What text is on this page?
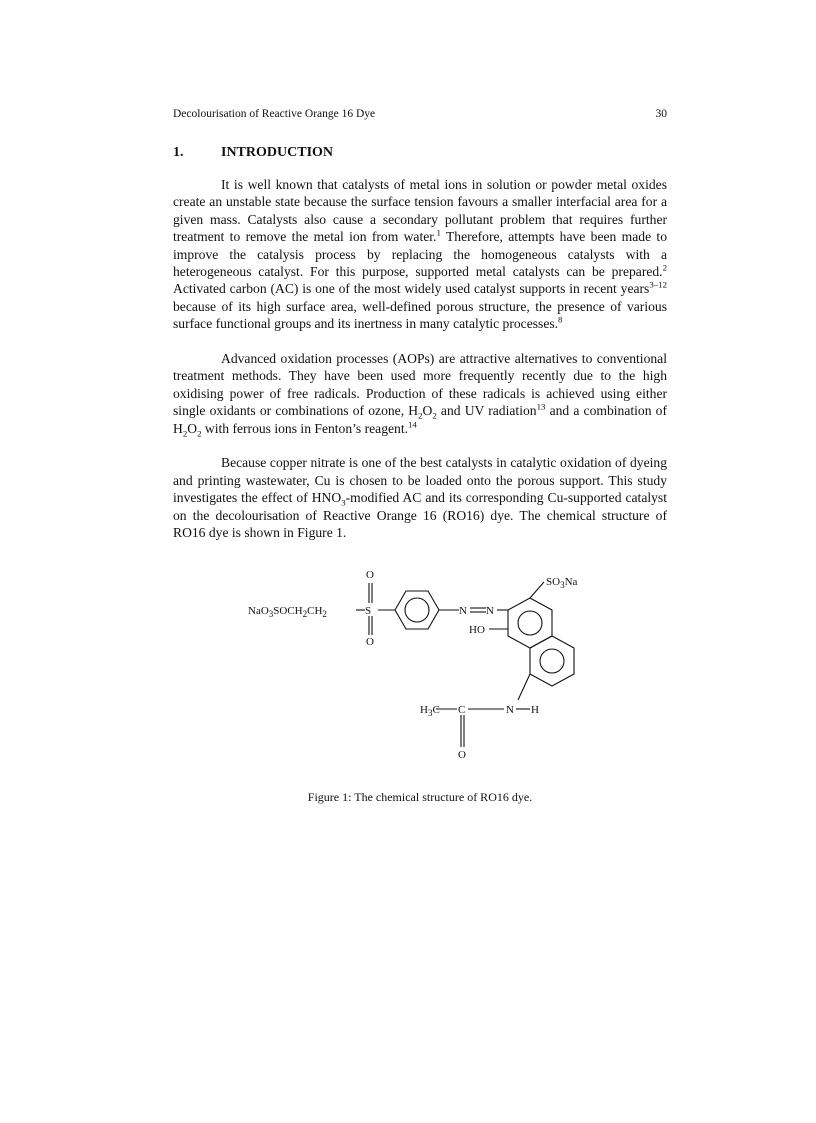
Decolourisation of Reactive Orange 16 Dye	30
1.	INTRODUCTION

It is well known that catalysts of metal ions in solution or powder metal oxides create an unstable state because the surface tension favours a smaller interfacial area for a given mass. Catalysts also cause a secondary pollutant problem that requires further treatment to remove the metal ion from water.$^1$ Therefore, attempts have been made to improve the catalysis process by replacing the homogeneous catalysts with a heterogeneous catalyst. For this purpose, supported metal catalysts can be prepared.$^2$ Activated carbon (AC) is one of the most widely used catalyst supports in recent years$^{3-12}$ because of its high surface area, well-defined porous structure, the presence of various surface functional groups and its inertness in many catalytic processes.$^8$

Advanced oxidation processes (AOPs) are attractive alternatives to conventional treatment methods. They have been used more frequently recently due to the high oxidising power of free radicals. Production of these radicals is achieved using either single oxidants or combinations of ozone, $H_2O_2$ and UV radiation$^{13}$ and a combination of $H_2O_2$ with ferrous ions in Fenton’s reagent.$^{14}$

Because copper nitrate is one of the best catalysts in catalytic oxidation of dyeing and printing wastewater, Cu is chosen to be loaded onto the porous support. This study investigates the effect of $HNO_3$-modified AC and its corresponding Cu-supported catalyst on the decolourisation of Reactive Orange 16 (RO16) dye. The chemical structure of RO16 dye is shown in Figure 1.

O
O
S
$NaO_3SOCH_2CH_2$	N N
HO
$SO_3Na$
$H_3C$ C	N H
O
Figure 1: The chemical structure of RO16 dye.
